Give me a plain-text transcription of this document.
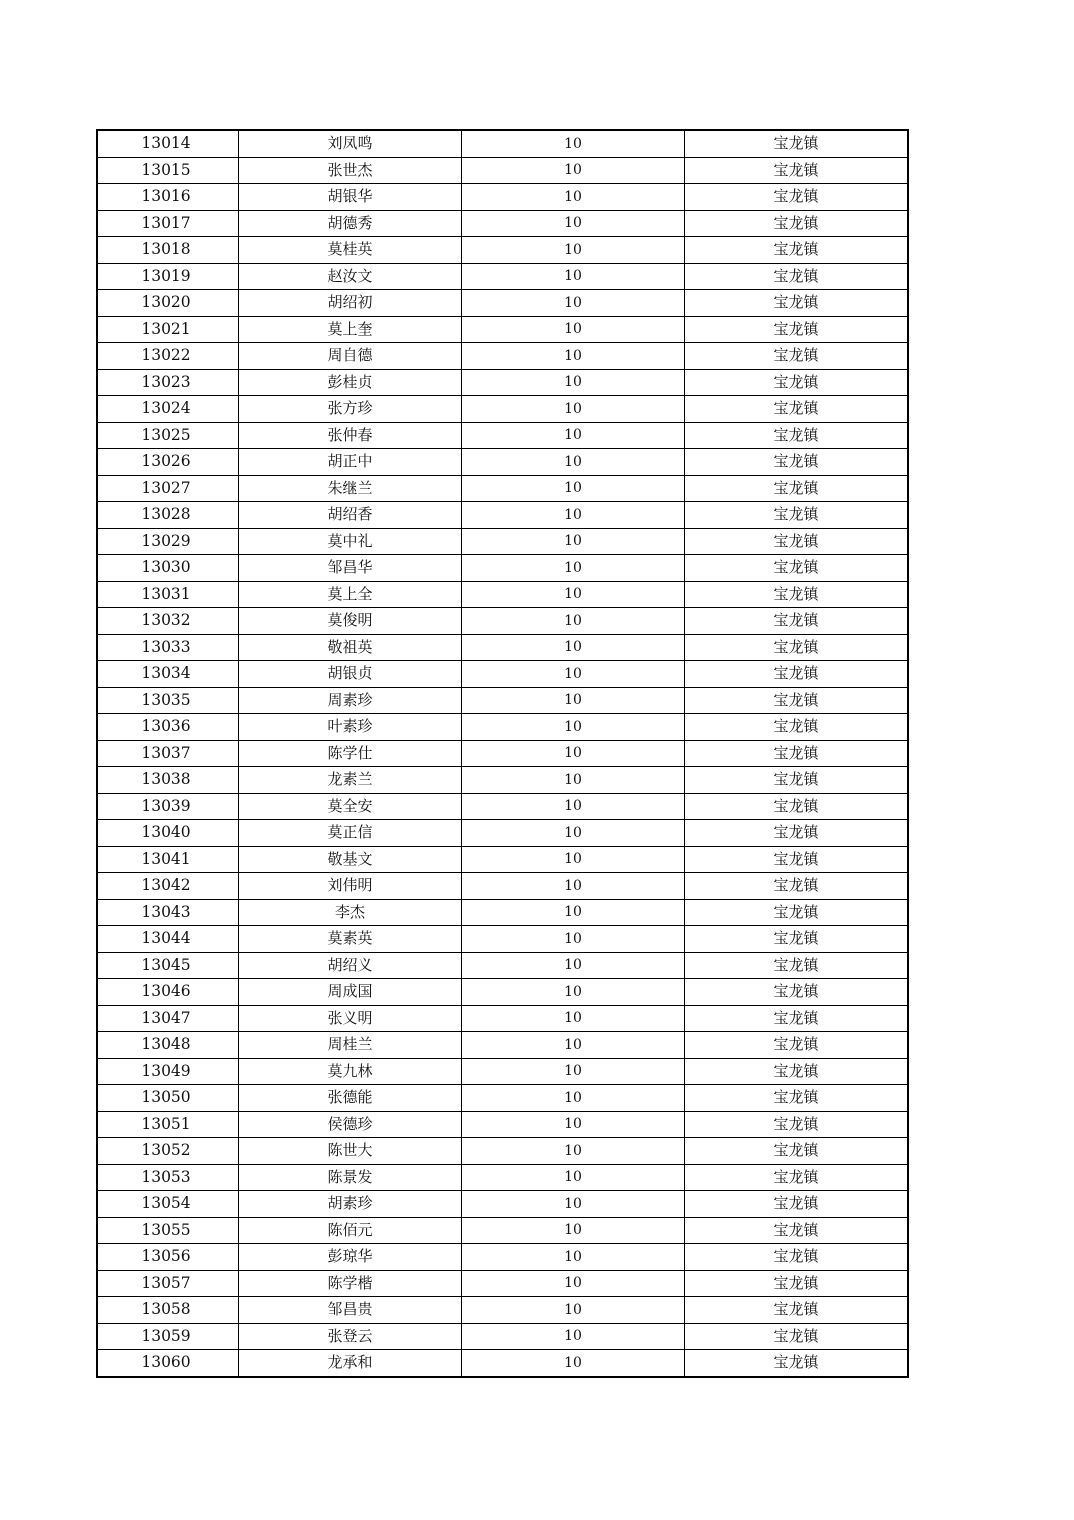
13014	刘凤鸣	10	宝龙镇
13015	张世杰	10	宝龙镇
13016	胡银华	10	宝龙镇
13017	胡德秀	10	宝龙镇
13018	莫桂英	10	宝龙镇
13019	赵汝文	10	宝龙镇
13020	胡绍初	10	宝龙镇
13021	莫上奎	10	宝龙镇
13022	周自德	10	宝龙镇
13023	彭桂贞	10	宝龙镇
13024	张方珍	10	宝龙镇
13025	张仲春	10	宝龙镇
13026	胡正中	10	宝龙镇
13027	朱继兰	10	宝龙镇
13028	胡绍香	10	宝龙镇
13029	莫中礼	10	宝龙镇
13030	邹昌华	10	宝龙镇
13031	莫上全	10	宝龙镇
13032	莫俊明	10	宝龙镇
13033	敬祖英	10	宝龙镇
13034	胡银贞	10	宝龙镇
13035	周素珍	10	宝龙镇
13036	叶素珍	10	宝龙镇
13037	陈学仕	10	宝龙镇
13038	龙素兰	10	宝龙镇
13039	莫全安	10	宝龙镇
13040	莫正信	10	宝龙镇
13041	敬基文	10	宝龙镇
13042	刘伟明	10	宝龙镇
13043	李杰	10	宝龙镇
13044	莫素英	10	宝龙镇
13045	胡绍义	10	宝龙镇
13046	周成国	10	宝龙镇
13047	张义明	10	宝龙镇
13048	周桂兰	10	宝龙镇
13049	莫九林	10	宝龙镇
13050	张德能	10	宝龙镇
13051	侯德珍	10	宝龙镇
13052	陈世大	10	宝龙镇
13053	陈景发	10	宝龙镇
13054	胡素珍	10	宝龙镇
13055	陈佰元	10	宝龙镇
13056	彭琼华	10	宝龙镇
13057	陈学楷	10	宝龙镇
13058	邹昌贵	10	宝龙镇
13059	张登云	10	宝龙镇
13060	龙承和	10	宝龙镇
